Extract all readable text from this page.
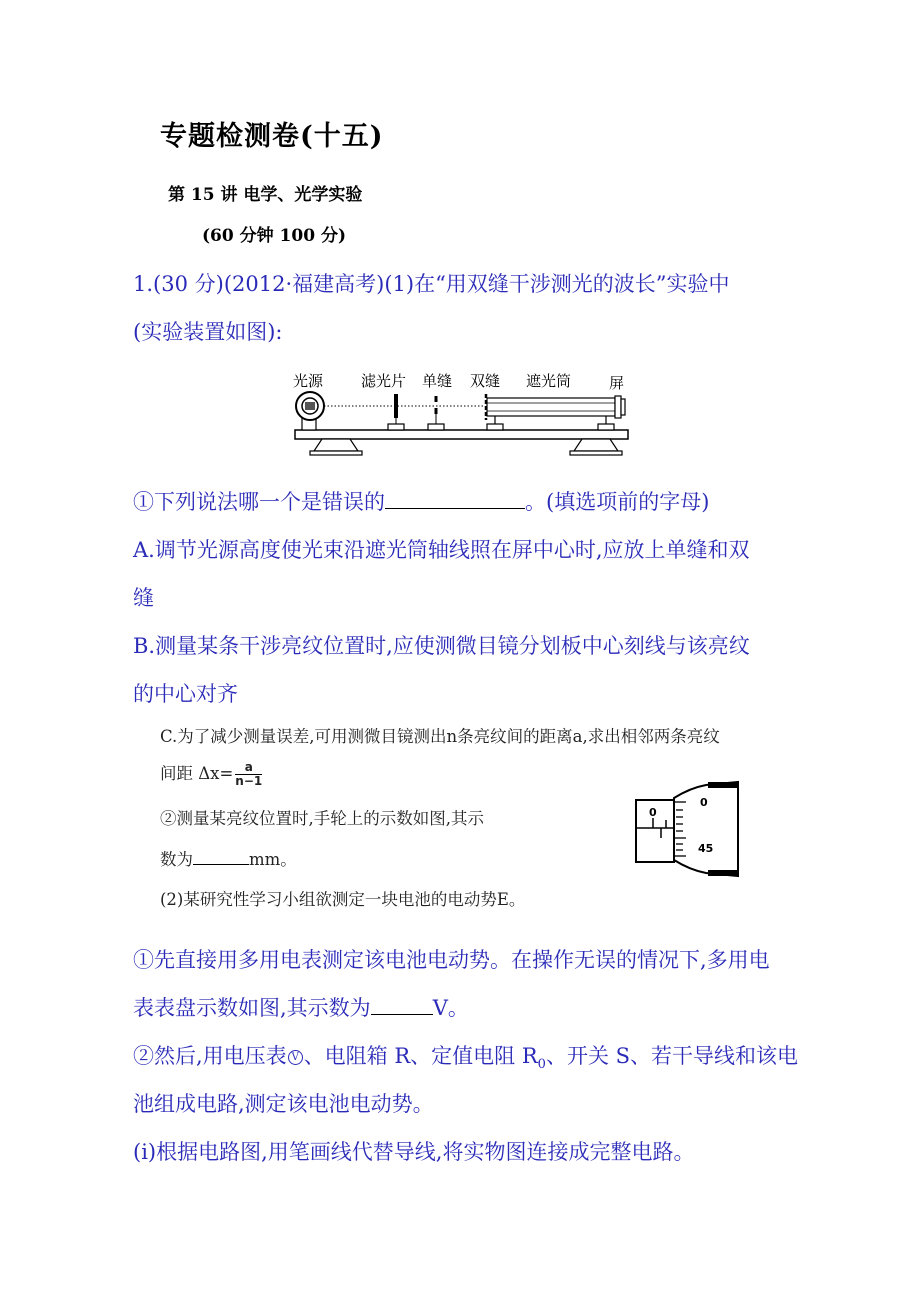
专题检测卷(十五)
第 15 讲 电学、光学实验
(60 分钟 100 分)
1.(30 分)(2012·福建高考)(1)在“用双缝干涉测光的波长”实验中
(实验装置如图):
光源	滤光片 单缝 双缝 遮光筒	屏
①下列说法哪一个是错误的	。(填选项前的字母)
A.调节光源高度使光束沿遮光筒轴线照在屏中心时,应放上单缝和双
缝
B.测量某条干涉亮纹位置时,应使测微目镜分划板中心刻线与该亮纹
的中心对齐
C.为了减少测量误差,可用测微目镜测出n条亮纹间的距离a,求出相邻两条亮纹
间距 $\Delta x= \frac{a}{n-1}$
②测量某亮纹位置时,手轮上的示数如图,其示
数为	mm。
0
0
45
(2)某研究性学习小组欲测定一块电池的电动势E。
①先直接用多用电表测定该电池电动势。在操作无误的情况下,多用电
表表盘示数如图,其示数为	V。
②然后,用电压表 V 、电阻箱 R、定值电阻 $R_0$、开关 S、若干导线和该电
池组成电路,测定该电池电动势。
(ⅰ)根据电路图,用笔画线代替导线,将实物图连接成完整电路。
